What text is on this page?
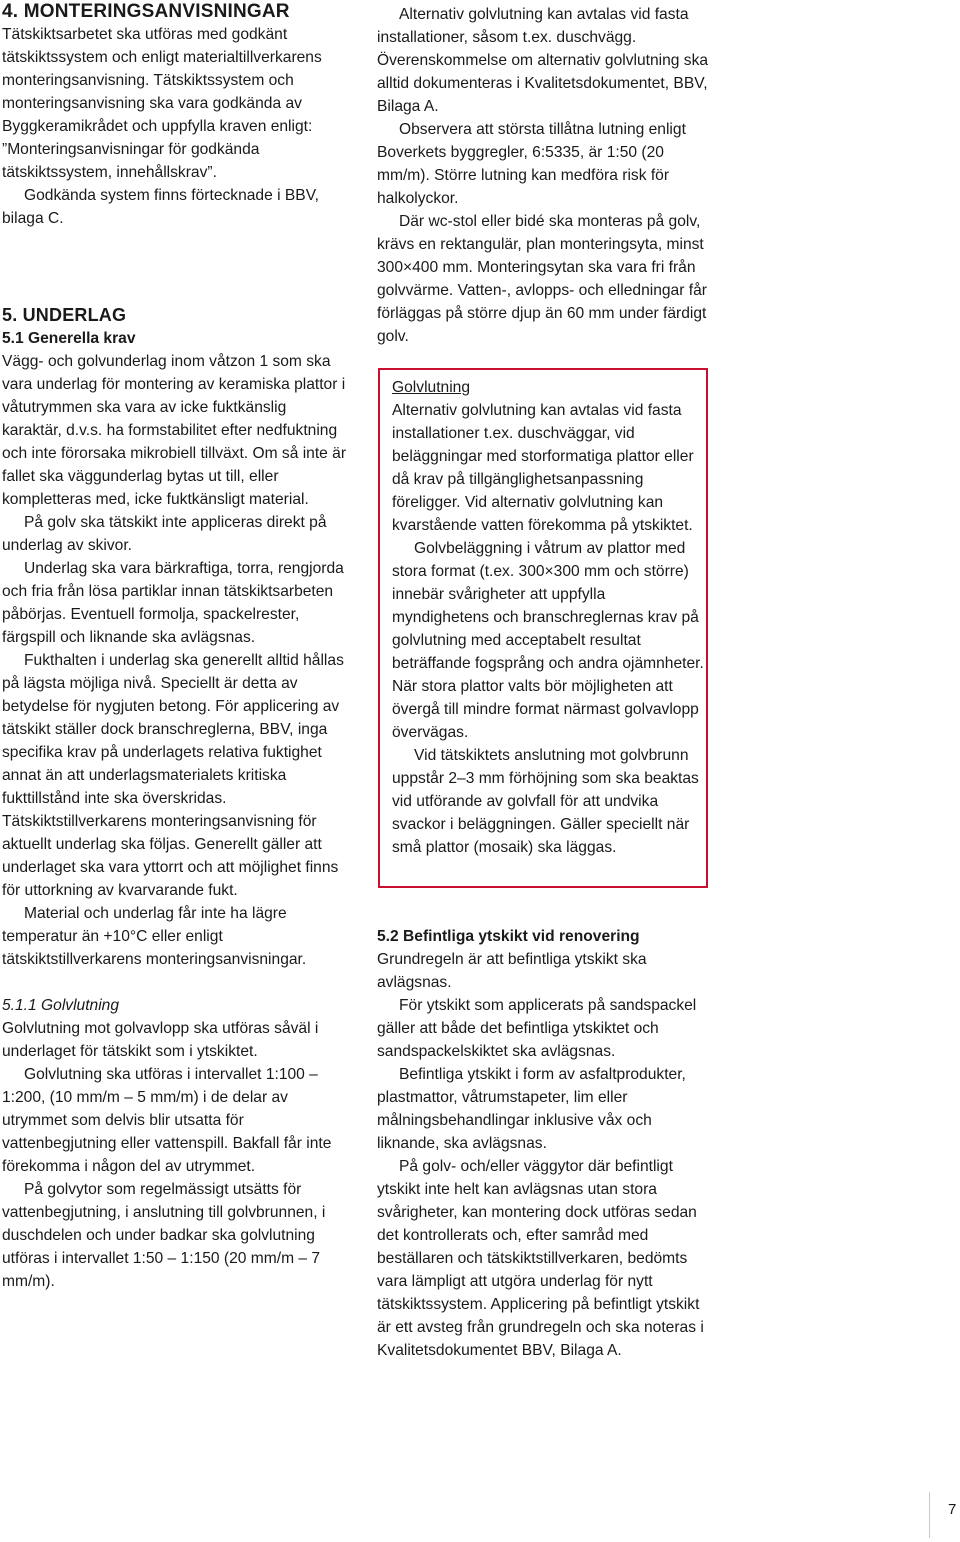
4. MONTERINGSANVISNINGAR

Tätskiktsarbetet ska utföras med godkänt tätskiktssystem och enligt materialtillverkarens monteringsanvisning. Tätskiktssystem och monteringsanvisning ska vara godkända av Byggkeramikrådet och uppfylla kraven enligt: ”Monteringsanvisningar för godkända tätskiktssystem, innehållskrav”.

Godkända system finns förtecknade i BBV, bilaga C.

5. UNDERLAG
5.1 Generella krav

Vägg- och golvunderlag inom våtzon 1 som ska vara underlag för montering av keramiska plattor i våtutrymmen ska vara av icke fuktkänslig karaktär, d.v.s. ha formstabilitet efter nedfuktning och inte förorsaka mikrobiell tillväxt. Om så inte är fallet ska väggunderlag bytas ut till, eller kompletteras med, icke fuktkänsligt material.

På golv ska tätskikt inte appliceras direkt på underlag av skivor.

Underlag ska vara bärkraftiga, torra, rengjorda och fria från lösa partiklar innan tätskiktsarbeten påbörjas. Eventuell formolja, spackelrester, färgspill och liknande ska avlägsnas.

Fukthalten i underlag ska generellt alltid hållas på lägsta möjliga nivå. Speciellt är detta av betydelse för nygjuten betong. För applicering av tätskikt ställer dock branschreglerna, BBV, inga specifika krav på underlagets relativa fuktighet annat än att underlagsmaterialets kritiska fukttillstånd inte ska överskridas. Tätskiktstillverkarens monteringsanvisning för aktuellt underlag ska följas. Generellt gäller att underlaget ska vara yttorrt och att möjlighet finns för uttorkning av kvarvarande fukt.

Material och underlag får inte ha lägre temperatur än +10°C eller enligt tätskiktstillverkarens monteringsanvisningar.

5.1.1 Golvlutning

Golvlutning mot golvavlopp ska utföras såväl i underlaget för tätskikt som i ytskiktet.

Golvlutning ska utföras i intervallet 1:100 – 1:200, (10 mm/m – 5 mm/m) i de delar av utrymmet som delvis blir utsatta för vattenbegjutning eller vattenspill. Bakfall får inte förekomma i någon del av utrymmet.

På golvytor som regelmässigt utsätts för vattenbegjutning, i anslutning till golvbrunnen, i duschdelen och under badkar ska golvlutning utföras i intervallet 1:50 – 1:150 (20 mm/m – 7 mm/m).

Alternativ golvlutning kan avtalas vid fasta installationer, såsom t.ex. duschvägg. Överenskommelse om alternativ golvlutning ska alltid dokumenteras i Kvalitetsdokumentet, BBV, Bilaga A.

Observera att största tillåtna lutning enligt Boverkets byggregler, 6:5335, är 1:50 (20 mm/m). Större lutning kan medföra risk för halkolyckor.

Där wc-stol eller bidé ska monteras på golv, krävs en rektangulär, plan monteringsyta, minst 300×400 mm. Monteringsytan ska vara fri från golvvärme. Vatten-, avlopps- och elledningar får förläggas på större djup än 60 mm under färdigt golv.

Golvlutning

Alternativ golvlutning kan avtalas vid fasta installationer t.ex. duschväggar, vid beläggningar med storformatiga plattor eller då krav på tillgänglighetsanpassning föreligger. Vid alternativ golvlutning kan kvarstående vatten förekomma på ytskiktet.

Golvbeläggning i våtrum av plattor med stora format (t.ex. 300×300 mm och större) innebär svårigheter att uppfylla myndighetens och branschreglernas krav på golvlutning med acceptabelt resultat beträffande fogsprång och andra ojämnheter. När stora plattor valts bör möjligheten att övergå till mindre format närmast golvavlopp övervägas.

Vid tätskiktets anslutning mot golvbrunn uppstår 2–3 mm förhöjning som ska beaktas vid utförande av golvfall för att undvika svackor i beläggningen. Gäller speciellt när små plattor (mosaik) ska läggas.

5.2 Befintliga ytskikt vid renovering

Grundregeln är att befintliga ytskikt ska avlägsnas.

För ytskikt som applicerats på sandspackel gäller att både det befintliga ytskiktet och sandspackelskiktet ska avlägsnas.

Befintliga ytskikt i form av asfaltprodukter, plastmattor, våtrumstapeter, lim eller målningsbehandlingar inklusive våx och liknande, ska avlägsnas.

På golv- och/eller väggytor där befintligt ytskikt inte helt kan avlägsnas utan stora svårigheter, kan montering dock utföras sedan det kontrollerats och, efter samråd med beställaren och tätskiktstillverkaren, bedömts vara lämpligt att utgöra underlag för nytt tätskiktssystem. Applicering på befintligt ytskikt är ett avsteg från grundregeln och ska noteras i Kvalitetsdokumentet BBV, Bilaga A.

7
